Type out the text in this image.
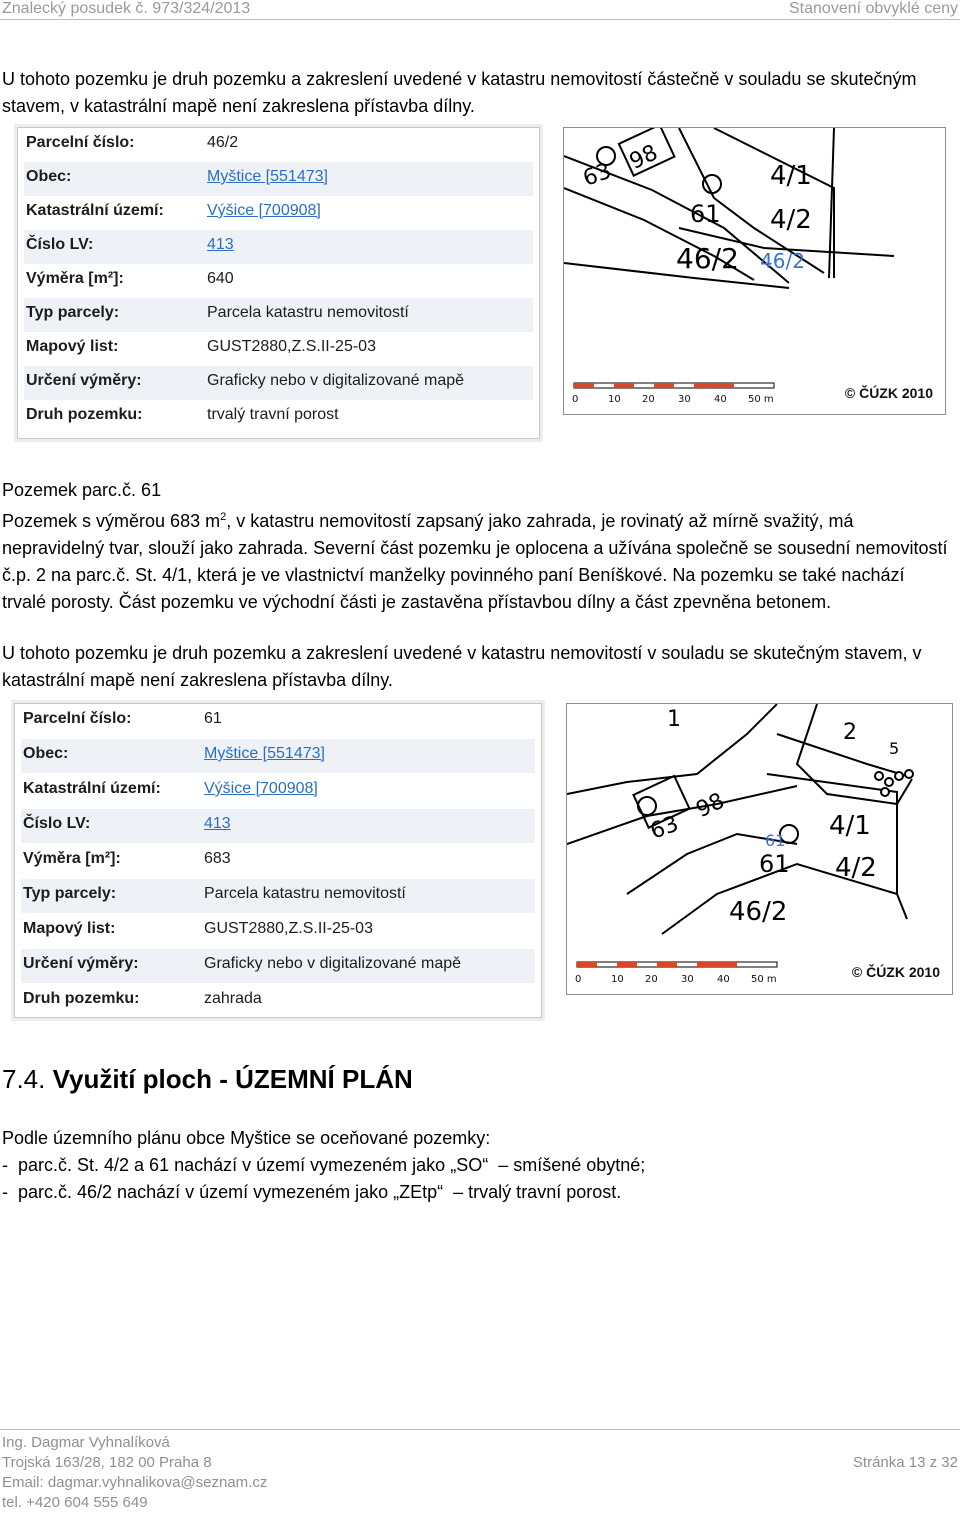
Znalecký posudek č. 973/324/2013	Stanovení obvyklé ceny

U tohoto pozemku je druh pozemku a zakreslení uvedené v katastru nemovitostí částečně v souladu se skutečným stavem, v katastrální mapě není zakreslena přístavba dílny.

Parcelní číslo:	46/2
Obec:	Myštice [551473]
Katastrální území:	Výšice [700908]
Číslo LV:	413
Výměra [m²]:	640
Typ parcely:	Parcela katastru nemovitostí
Mapový list:	GUST2880,Z.S.II-25-03
Určení výměry:	Graficky nebo v digitalizované mapě
Druh pozemku:	trvalý travní porost
63
98
61
4/1
4/2
46/2 46/2
0	10 20 30 40 50 m	© ČÚZK 2010

Pozemek parc.č. 61

Pozemek s výměrou 683 $m^2$, v katastru nemovitostí zapsaný jako zahrada, je rovinatý až mírně svažitý, má nepravidelný tvar, slouží jako zahrada. Severní část pozemku je oplocena a užívána společně se sousední nemovitostí č.p. 2 na parc.č. St. 4/1, která je ve vlastnictví manželky povinného paní Beníškové. Na pozemku se také nachází trvalé porosty. Část pozemku ve východní části je zastavěna přístavbou dílny a část zpevněna betonem.

U tohoto pozemku je druh pozemku a zakreslení uvedené v katastru nemovitostí v souladu se skutečným stavem, v katastrální mapě není zakreslena přístavba dílny.

Parcelní číslo:	61
Obec:	Myštice [551473]
Katastrální území:	Výšice [700908]
Číslo LV:	413
Výměra [m²]:	683
Typ parcely:	Parcela katastru nemovitostí
Mapový list:	GUST2880,Z.S.II-25-03
Určení výměry:	Graficky nebo v digitalizované mapě
Druh pozemku:	zahrada
1
2
5
63
98
4/1
61
61 4/2
46/2
0	10 20 30 40 50 m	© ČÚZK 2010
7.4. Využití ploch - ÚZEMNÍ PLÁN

Podle územního plánu obce Myštice se oceňované pozemky:

-  parc.č. St. 4/2 a 61 nachází v území vymezeném jako „SO“  – smíšené obytné;

-  parc.č. 46/2 nachází v území vymezeném jako „ZEtp“  – trvalý travní porost.

Ing. Dagmar Vyhnalíková
Trojská 163/28, 182 00 Praha 8
Email: dagmar.vyhnalikova@seznam.cz
tel. +420 604 555 649
Stránka 13 z 32
